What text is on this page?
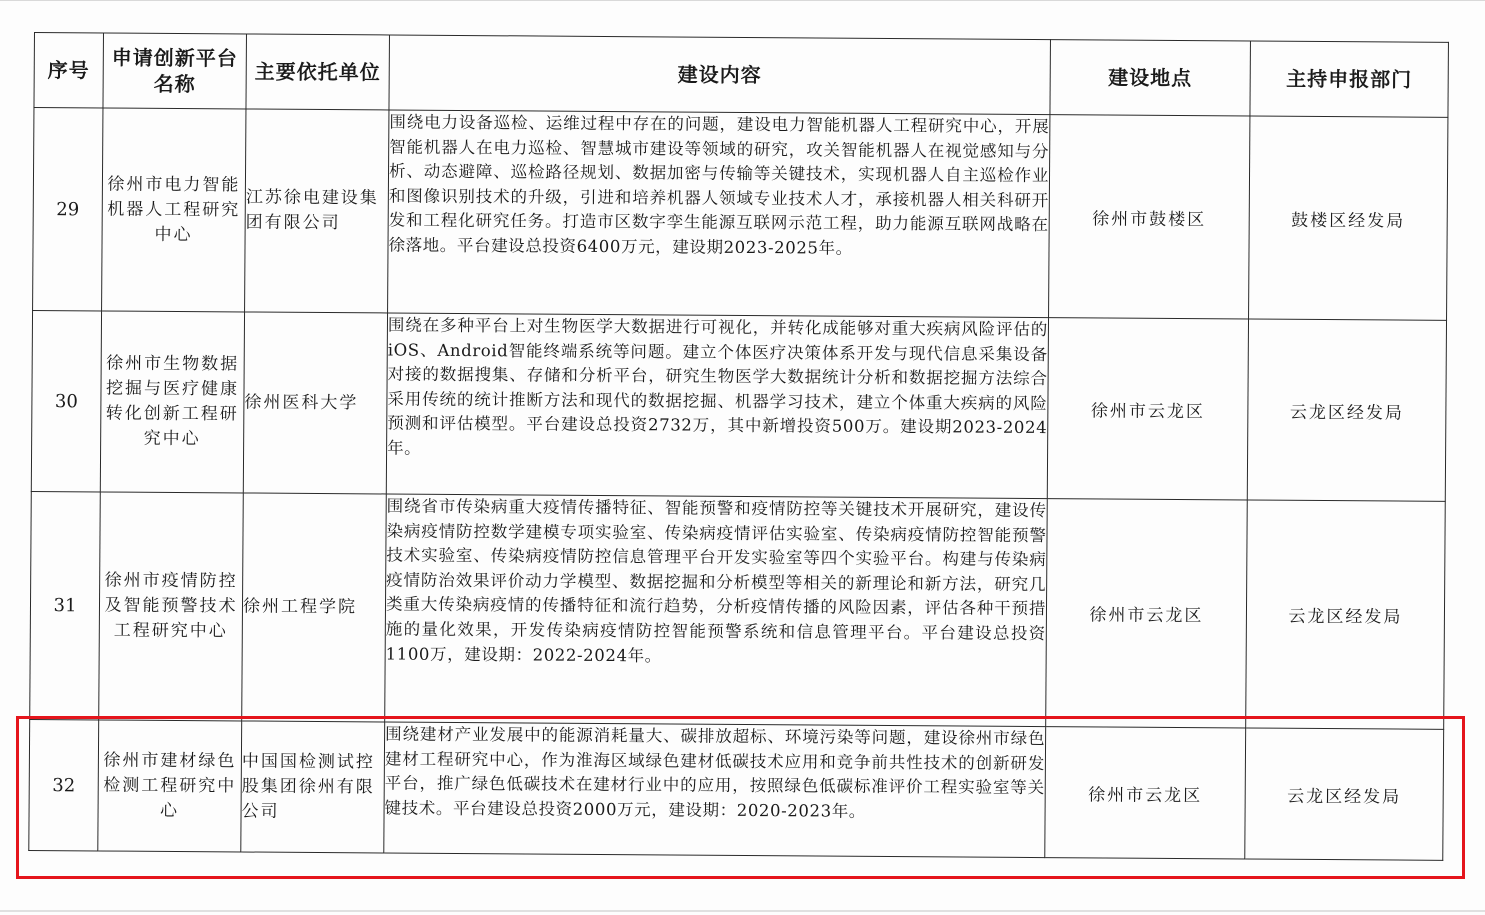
序号	申请创新平台名称	主要依托单位	建设内容	建设地点	主持申报部门
29	徐州市电力智能机器人工程研究中心	江苏徐电建设集团有限公司	围绕电力设备巡检、运维过程中存在的问题，建设电力智能机器人工程研究中心，开展智能机器人在电力巡检、智慧城市建设等领域的研究，攻关智能机器人在视觉感知与分析、动态避障、巡检路径规划、数据加密与传输等关键技术，实现机器人自主巡检作业和图像识别技术的升级，引进和培养机器人领域专业技术人才，承接机器人相关科研开发和工程化研究任务。打造市区数字孪生能源互联网示范工程，助力能源互联网战略在徐落地。平台建设总投资6400万元，建设期2023-2025年。	徐州市鼓楼区	鼓楼区经发局
30	徐州市生物数据挖掘与医疗健康转化创新工程研究中心	徐州医科大学	围绕在多种平台上对生物医学大数据进行可视化，并转化成能够对重大疾病风险评估的iOS、Android智能终端系统等问题。建立个体医疗决策体系开发与现代信息采集设备对接的数据搜集、存储和分析平台，研究生物医学大数据统计分析和数据挖掘方法综合采用传统的统计推断方法和现代的数据挖掘、机器学习技术，建立个体重大疾病的风险预测和评估模型。平台建设总投资2732万，其中新增投资500万。建设期2023-2024年。	徐州市云龙区	云龙区经发局
31	徐州市疫情防控及智能预警技术工程研究中心	徐州工程学院	围绕省市传染病重大疫情传播特征、智能预警和疫情防控等关键技术开展研究，建设传染病疫情防控数学建模专项实验室、传染病疫情评估实验室、传染病疫情防控智能预警技术实验室、传染病疫情防控信息管理平台开发实验室等四个实验平台。构建与传染病疫情防治效果评价动力学模型、数据挖掘和分析模型等相关的新理论和新方法，研究几类重大传染病疫情的传播特征和流行趋势，分析疫情传播的风险因素，评估各种干预措施的量化效果，开发传染病疫情防控智能预警系统和信息管理平台。平台建设总投资1100万，建设期：2022-2024年。	徐州市云龙区	云龙区经发局
32	徐州市建材绿色检测工程研究中心	中国国检测试控股集团徐州有限公司	围绕建材产业发展中的能源消耗量大、碳排放超标、环境污染等问题，建设徐州市绿色建材工程研究中心，作为淮海区域绿色建材低碳技术应用和竞争前共性技术的创新研发平台，推广绿色低碳技术在建材行业中的应用，按照绿色低碳标准评价工程实验室等关键技术。平台建设总投资2000万元，建设期：2020-2023年。	徐州市云龙区	云龙区经发局
